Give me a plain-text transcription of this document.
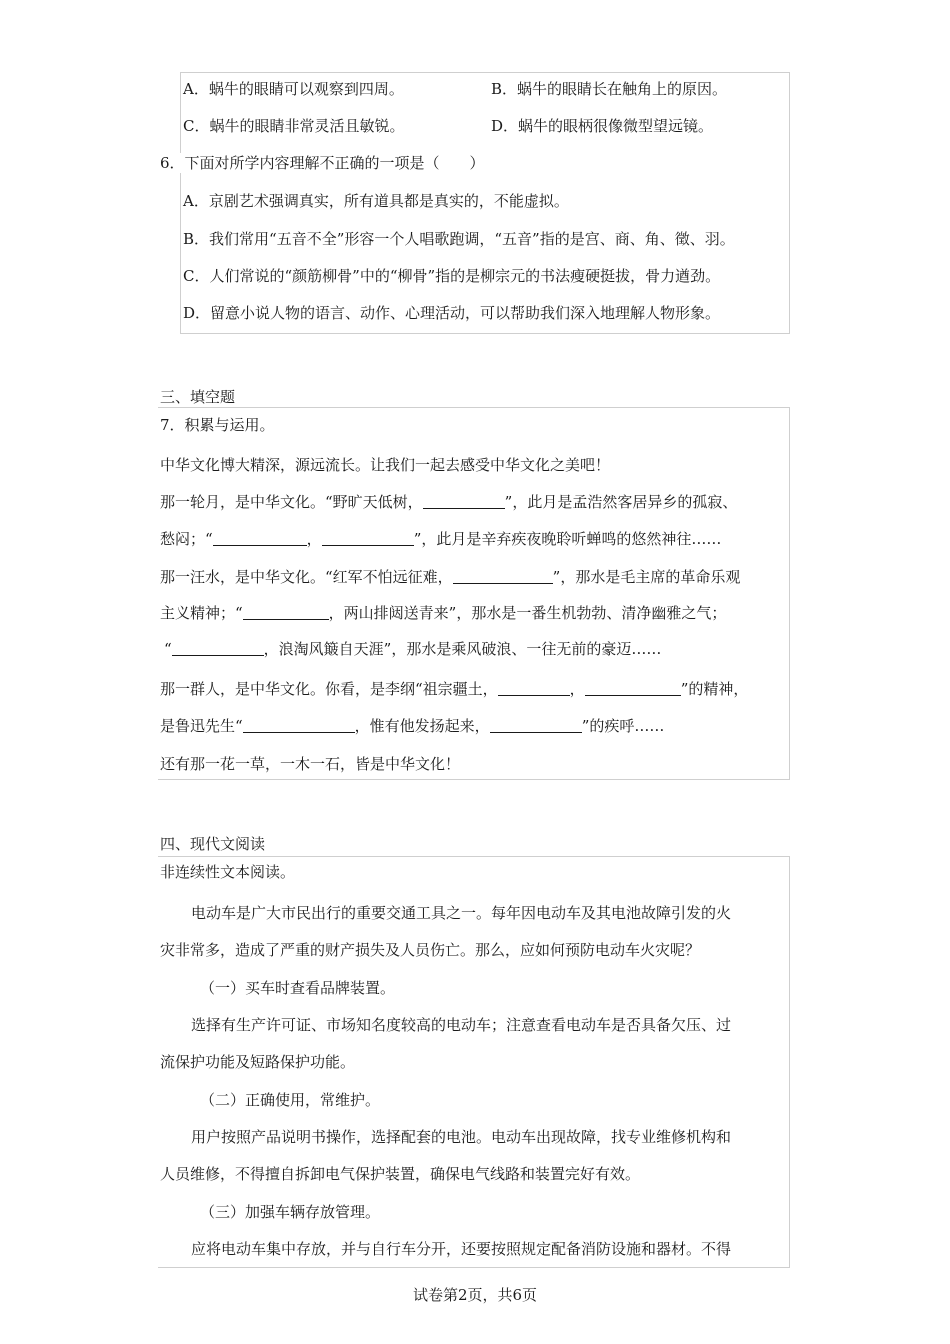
A．蜗牛的眼睛可以观察到四周。	B．蜗牛的眼睛长在触角上的原因。
C．蜗牛的眼睛非常灵活且敏锐。	D．蜗牛的眼柄很像微型望远镜。
6．下面对所学内容理解不正确的一项是（　　）
A．京剧艺术强调真实，所有道具都是真实的，不能虚拟。
B．我们常用“五音不全”形容一个人唱歌跑调，“五音”指的是宫、商、角、徵、羽。
C．人们常说的“颜筋柳骨”中的“柳骨”指的是柳宗元的书法瘦硬挺拔，骨力遒劲。
D．留意小说人物的语言、动作、心理活动，可以帮助我们深入地理解人物形象。
三、填空题
7．积累与运用。
中华文化博大精深，源远流长。让我们一起去感受中华文化之美吧！
那一轮月，是中华文化。“野旷天低树，	”，此月是孟浩然客居异乡的孤寂、
愁闷；“	，	”，此月是辛弃疾夜晚聆听蝉鸣的悠然神往……
那一汪水，是中华文化。“红军不怕远征难，	”，那水是毛主席的革命乐观
主义精神；“	，两山排闼送青来”，那水是一番生机勃勃、清净幽雅之气；
“	，浪淘风簸自天涯”，那水是乘风破浪、一往无前的豪迈……
那一群人，是中华文化。你看，是李纲“祖宗疆土，	，	”的精神，
是鲁迅先生“	，惟有他发扬起来，	”的疾呼……
还有那一花一草，一木一石，皆是中华文化！
四、现代文阅读
非连续性文本阅读。
电动车是广大市民出行的重要交通工具之一。每年因电动车及其电池故障引发的火
灾非常多，造成了严重的财产损失及人员伤亡。那么，应如何预防电动车火灾呢？
（一）买车时查看品牌装置。
选择有生产许可证、市场知名度较高的电动车；注意查看电动车是否具备欠压、过
流保护功能及短路保护功能。
（二）正确使用，常维护。
用户按照产品说明书操作，选择配套的电池。电动车出现故障，找专业维修机构和
人员维修，不得擅自拆卸电气保护装置，确保电气线路和装置完好有效。
（三）加强车辆存放管理。
应将电动车集中存放，并与自行车分开，还要按照规定配备消防设施和器材。不得
试卷第2页，共6页
